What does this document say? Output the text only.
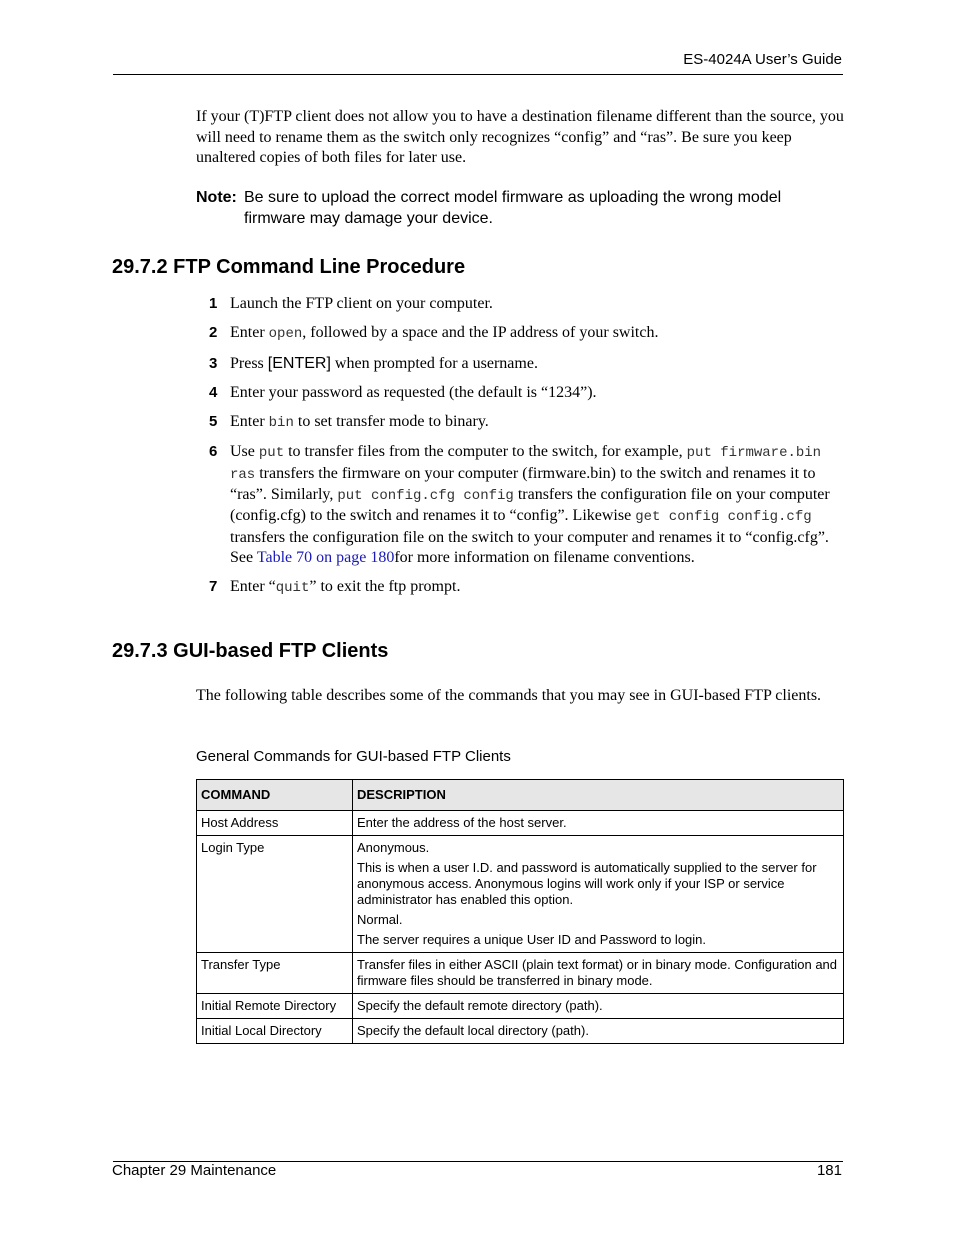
ES-4024A User’s Guide

If your (T)FTP client does not allow you to have a destination filename different than the source, you will need to rename them as the switch only recognizes “config” and “ras”. Be sure you keep unaltered copies of both files for later use.

Note: Be sure to upload the correct model firmware as uploading the wrong model firmware may damage your device.
29.7.2 FTP Command Line Procedure
1 Launch the FTP client on your computer.
2 Enter open, followed by a space and the IP address of your switch.
3 Press [ENTER] when prompted for a username.
4 Enter your password as requested (the default is “1234”).
5 Enter bin to set transfer mode to binary.
6 Use put to transfer files from the computer to the switch, for example, put firmware.bin ras transfers the firmware on your computer (firmware.bin) to the switch and renames it to “ras”. Similarly, put config.cfg config transfers the configuration file on your computer (config.cfg) to the switch and renames it to “config”. Likewise get config config.cfg transfers the configuration file on the switch to your computer and renames it to “config.cfg”. See Table 70 on page 180for more information on filename conventions.
7 Enter “quit” to exit the ftp prompt.
29.7.3 GUI-based FTP Clients

The following table describes some of the commands that you may see in GUI-based FTP clients.

General Commands for GUI-based FTP Clients
COMMAND	DESCRIPTION
Host Address	Enter the address of the host server.

Login Type	Anonymous.

This is when a user I.D. and password is automatically supplied to the server for anonymous access. Anonymous logins will work only if your ISP or service administrator has enabled this option.

Normal.

The server requires a unique User ID and Password to login.

Transfer Type	Transfer files in either ASCII (plain text format) or in binary mode. Configuration and firmware files should be transferred in binary mode.

Initial Remote Directory	Specify the default remote directory (path).

Initial Local Directory	Specify the default local directory (path).

Chapter 29 Maintenance	181
